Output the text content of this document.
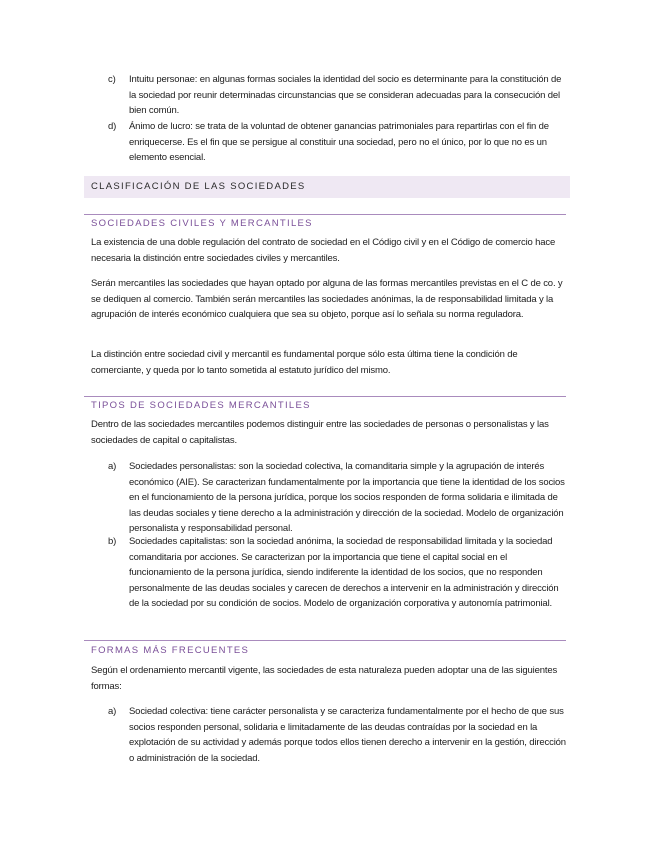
c)	Intuitu personae: en algunas formas sociales la identidad del socio es determinante para la constitución de la sociedad por reunir determinadas circunstancias que se consideran adecuadas para la consecución del bien común.
d)	Ánimo de lucro: se trata de la voluntad de obtener ganancias patrimoniales para repartirlas con el fin de enriquecerse. Es el fin que se persigue al constituir una sociedad, pero no el único, por lo que no es un elemento esencial.
CLASIFICACIÓN DE LAS SOCIEDADES
SOCIEDADES CIVILES Y MERCANTILES

La existencia de una doble regulación del contrato de sociedad en el Código civil y en el Código de comercio hace necesaria la distinción entre sociedades civiles y mercantiles.

Serán mercantiles las sociedades que hayan optado por alguna de las formas mercantiles previstas en el C de co. y se dediquen al comercio. También serán mercantiles las sociedades anónimas, la de responsabilidad limitada y la agrupación de interés económico cualquiera que sea su objeto, porque así lo señala su norma reguladora.

La distinción entre sociedad civil y mercantil es fundamental porque sólo esta última tiene la condición de comerciante, y queda por lo tanto sometida al estatuto jurídico del mismo.

TIPOS DE SOCIEDADES MERCANTILES

Dentro de las sociedades mercantiles podemos distinguir entre las sociedades de personas o personalistas y las sociedades de capital o capitalistas.

a)	Sociedades personalistas: son la sociedad colectiva, la comanditaria simple y la agrupación de interés económico (AIE). Se caracterizan fundamentalmente por la importancia que tiene la identidad de los socios en el funcionamiento de la persona jurídica, porque los socios responden de forma solidaria e ilimitada de las deudas sociales y tiene derecho a la administración y dirección de la sociedad. Modelo de organización personalista y responsabilidad personal.
b)	Sociedades capitalistas: son la sociedad anónima, la sociedad de responsabilidad limitada y la sociedad comanditaria por acciones. Se caracterizan por la importancia que tiene el capital social en el funcionamiento de la persona jurídica, siendo indiferente la identidad de los socios, que no responden personalmente de las deudas sociales y carecen de derechos a intervenir en la administración y dirección de la sociedad por su condición de socios. Modelo de organización corporativa y autonomía patrimonial.
FORMAS MÁS FRECUENTES

Según el ordenamiento mercantil vigente, las sociedades de esta naturaleza pueden adoptar una de las siguientes formas:

a)	Sociedad colectiva: tiene carácter personalista y se caracteriza fundamentalmente por el hecho de que sus socios responden personal, solidaria e limitadamente de las deudas contraídas por la sociedad en la explotación de su actividad y además porque todos ellos tienen derecho a intervenir en la gestión, dirección o administración de la sociedad.
